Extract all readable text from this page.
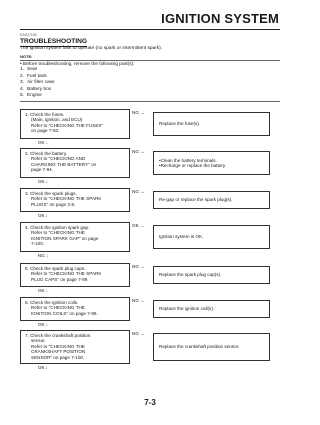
IGNITION SYSTEM
EAS27150
TROUBLESHOOTING
The ignition system fails to operate (no spark or intermittent spark).
NOTE:
• Before troubleshooting, remove the following part(s):
1. Seat
2. Fuel tank
3. Air filter case
4. Battery box
5. Engine
1. Check the fuses.
(Main, ignition, and ECU)
Refer to "CHECKING THE FUSES"
on page 7-93.
NG →
Replace the fuse(s).
OK ↓
2. Check the battery.
Refer to "CHECKING AND
CHARGING THE BATTERY" on
page 7-94.
NG →
• Clean the battery terminals.
• Recharge or replace the battery.
OK ↓
3. Check the spark plugs.
Refer to "CHECKING THE SPARK
PLUGS" on page 3-8.
NG →
Re-gap or replace the spark plug(s).
OK ↓
4. Check the ignition spark gap.
Refer to "CHECKING THE
IGNITION SPARK GAP" on page
7-100.
OK →
Ignition system is OK.
NG ↓
5. Check the spark plug caps.
Refer to "CHECKING THE SPARK
PLUG CAPS" on page 7-99.
NG →
Replace the spark plug cap(s).
OK ↓
6. Check the ignition coils.
Refer to "CHECKING THE
IGNITION COILS" on page 7-99.
NG →
Replace the ignition coil(s).
OK ↓
7. Check the crankshaft position
sensor.
Refer to "CHECKING THE
CRANKSHAFT POSITION
SENSOR" on page 7-100.
NG →
Replace the crankshaft position sensor.
OK ↓
7-3
